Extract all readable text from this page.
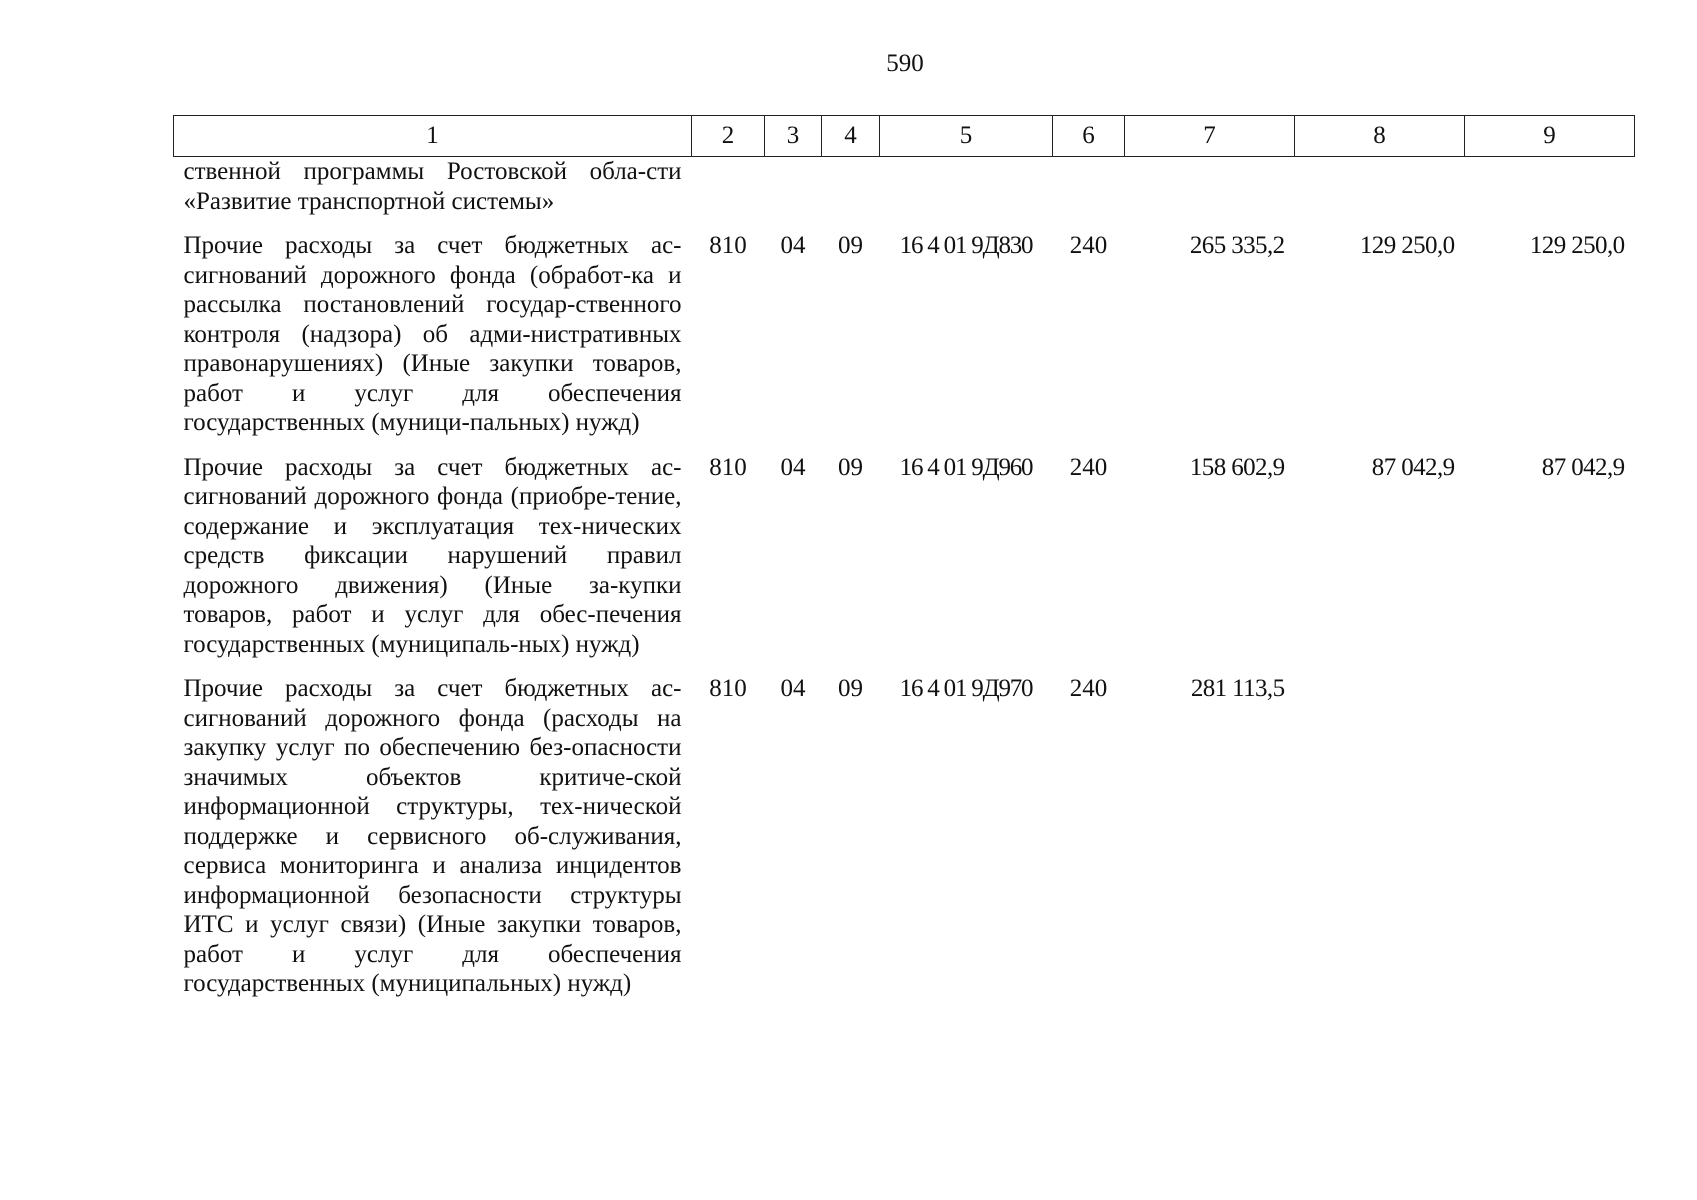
590
1	2	3	4	5	6	7	8	9
ственной программы Ростовской обла-сти «Развитие транспортной системы»								
Прочие расходы за счет бюджетных ас-сигнований дорожного фонда (обработ-ка и рассылка постановлений государ-ственного контроля (надзора) об адми-нистративных правонарушениях) (Иные закупки товаров, работ и услуг для обеспечения государственных (муници-пальных) нужд)	810	04	09	16 4 01 9Д830	240	265 335,2	129 250,0	129 250,0
Прочие расходы за счет бюджетных ас-сигнований дорожного фонда (приобре-тение, содержание и эксплуатация тех-нических средств фиксации нарушений правил дорожного движения) (Иные за-купки товаров, работ и услуг для обес-печения государственных (муниципаль-ных) нужд)	810	04	09	16 4 01 9Д960	240	158 602,9	87 042,9	87 042,9
Прочие расходы за счет бюджетных ас-сигнований дорожного фонда (расходы на закупку услуг по обеспечению без-опасности значимых объектов критиче-ской информационной структуры, тех-нической поддержке и сервисного об-служивания, сервиса мониторинга и анализа инцидентов информационной безопасности структуры ИТС и услуг связи) (Иные закупки товаров, работ и услуг для обеспечения государственных (муниципальных) нужд)	810	04	09	16 4 01 9Д970	240	281 113,5		
